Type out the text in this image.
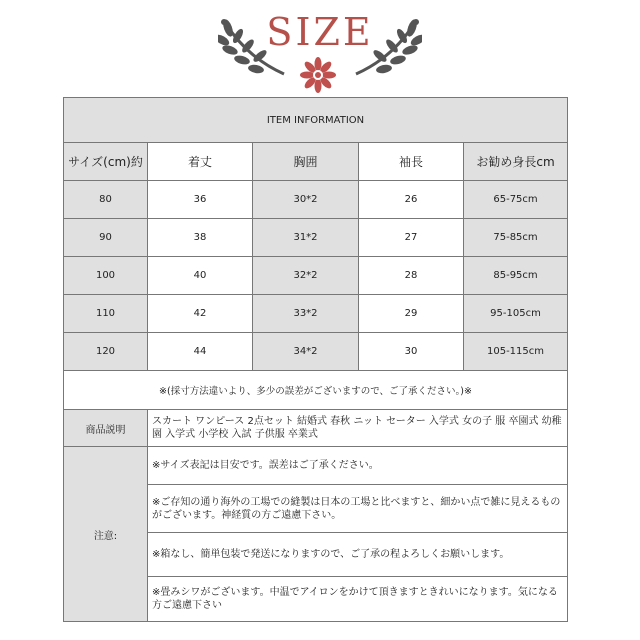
SIZE
ITEM INFORMATION				
サイズ(cm)約	着丈	胸囲	袖長	お勧め身長cm
80	36	30*2	26	65-75cm
90	38	31*2	27	75-85cm
100	40	32*2	28	85-95cm
110	42	33*2	29	95-105cm
120	44	34*2	30	105-115cm
※(採寸方法違いより、多少の誤差がございますので、ご了承ください。)※				
商品説明	スカート ワンピース 2点セット 結婚式 春秋 ニット セーター 入学式 女の子 服 卒園式 幼稚園 入学式 小学校 入試 子供服 卒業式			
注意:	※サイズ表記は目安です。誤差はご了承ください。			
	※ご存知の通り海外の工場での縫製は日本の工場と比べますと、細かい点で雑に見えるものがございます。神経質の方ご遠慮下さい。			
	※箱なし、簡単包装で発送になりますので、ご了承の程よろしくお願いします。			
	※畳みシワがございます。中温でアイロンをかけて頂きますときれいになります。気になる方ご遠慮下さい			
